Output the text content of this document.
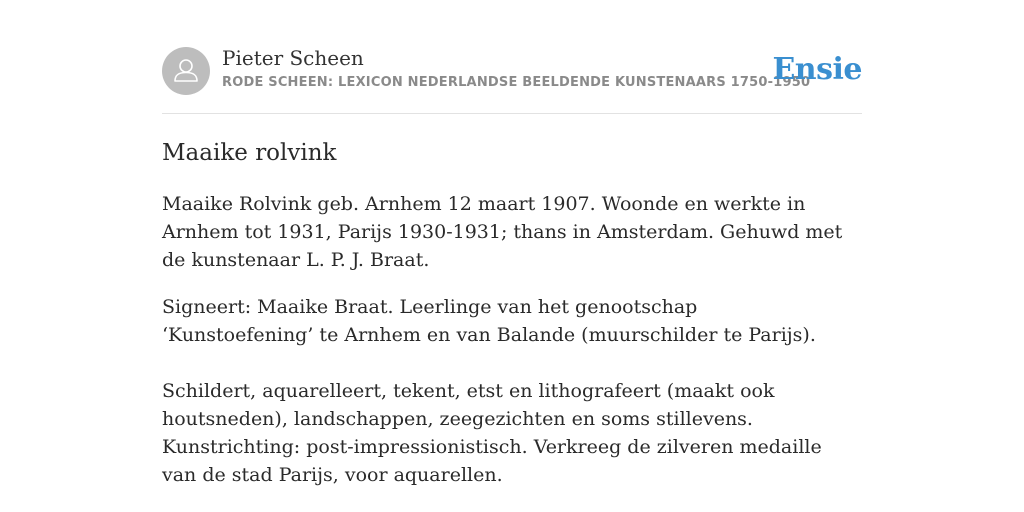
Pieter Scheen
RODE SCHEEN: LEXICON NEDERLANDSE BEELDENDE KUNSTENAARS 1750-1950
Ensie
Maaike rolvink

Maaike Rolvink geb. Arnhem 12 maart 1907. Woonde en werkte in Arnhem tot 1931, Parijs 1930-1931; thans in Amsterdam. Gehuwd met de kunstenaar L. P. J. Braat.

Signeert: Maaike Braat. Leerlinge van het genootschap ‘Kunstoefening’ te Arnhem en van Balande (muurschilder te Parijs).

Schildert, aquarelleert, tekent, etst en lithografeert (maakt ook houtsneden), landschappen, zeegezichten en soms stillevens. Kunstrichting: post-impressionistisch. Verkreeg de zilveren medaille van de stad Parijs, voor aquarellen.
